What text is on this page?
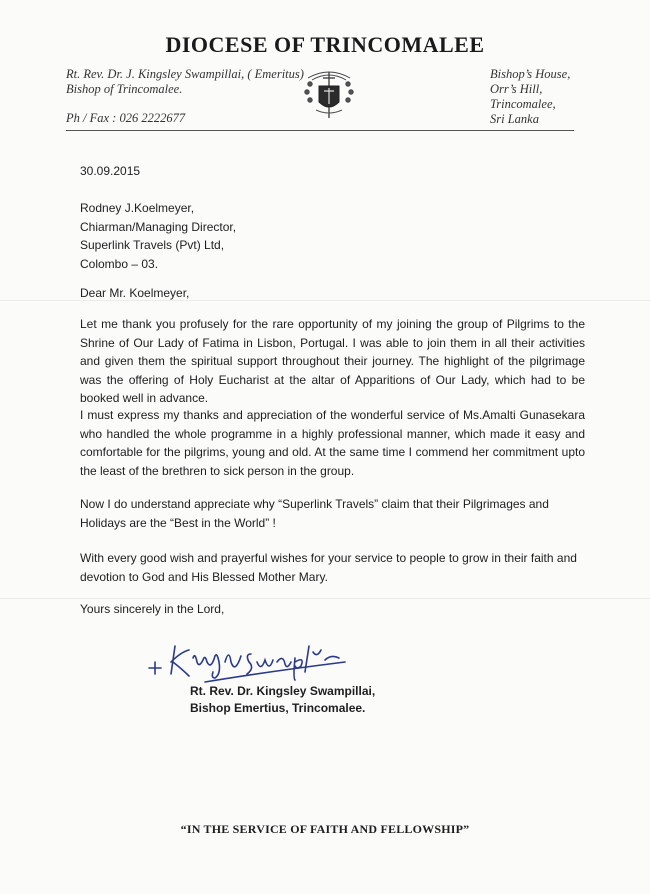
DIOCESE OF TRINCOMALEE
Rt. Rev. Dr. J. Kingsley Swampillai, ( Emeritus)
Bishop of Trincomalee.
Ph / Fax : 026 2222677
Bishop’s House,
Orr’s Hill,
Trincomalee,
Sri Lanka
30.09.2015
Rodney J.Koelmeyer,
Chiarman/Managing Director,
Superlink Travels (Pvt) Ltd,
Colombo – 03.
Dear Mr. Koelmeyer,
Let me thank you profusely for the rare opportunity of my joining the group of Pilgrims to the Shrine of Our Lady of Fatima in Lisbon, Portugal. I was able to join them in all their activities and given them the spiritual support throughout their journey. The highlight of the pilgrimage was the offering of Holy Eucharist at the altar of Apparitions of Our Lady, which had to be booked well in advance.
I must express my thanks and appreciation of the wonderful service of Ms.Amalti Gunasekara who handled the whole programme in a highly professional manner, which made it easy and comfortable for the pilgrims, young and old. At the same time I commend her commitment upto the least of the brethren to sick person in the group.
Now I do understand appreciate why “Superlink Travels” claim that their Pilgrimages and Holidays are the “Best in the World” !
With every good wish and prayerful wishes for your service to people to grow in their faith and devotion to God and His Blessed Mother Mary.
Yours sincerely in the Lord,
Rt. Rev. Dr. Kingsley Swampillai,
Bishop Emertius, Trincomalee.
“IN THE SERVICE OF FAITH AND FELLOWSHIP”
